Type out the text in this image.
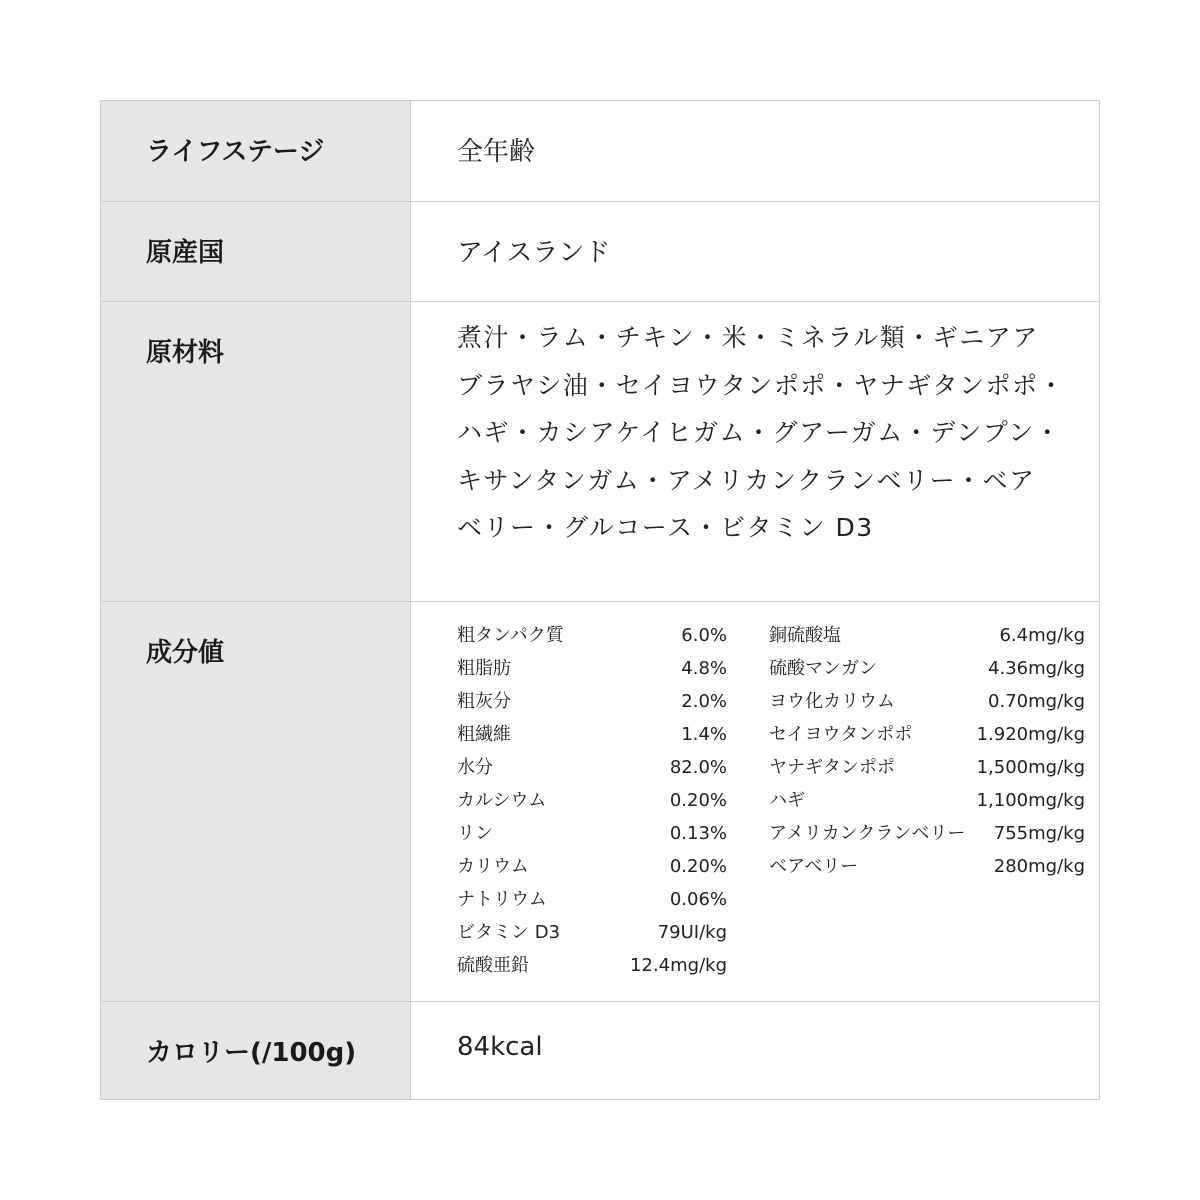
ライフステージ	全年齢
原産国	アイスランド
原材料
煮汁・ラム・チキン・米・ミネラル類・ギニアア
ブラヤシ油・セイヨウタンポポ・ヤナギタンポポ・
ハギ・カシアケイヒガム・グアーガム・デンプン・
キサンタンガム・アメリカンクランベリー・ベア
ベリー・グルコース・ビタミン D3
成分値
粗タンパク質	6.0%
粗脂肪	4.8%
粗灰分	2.0%
粗繊維	1.4%
水分	82.0%
カルシウム	0.20%
リン	0.13%
カリウム	0.20%
ナトリウム	0.06%
ビタミン D3	79UI/kg
硫酸亜鉛	12.4mg/kg
銅硫酸塩	6.4mg/kg
硫酸マンガン	4.36mg/kg
ヨウ化カリウム	0.70mg/kg
セイヨウタンポポ	1.920mg/kg
ヤナギタンポポ	1,500mg/kg
ハギ	1,100mg/kg
アメリカンクランベリー 755mg/kg
ベアベリー	280mg/kg
カロリー(/100g)	84kcal
